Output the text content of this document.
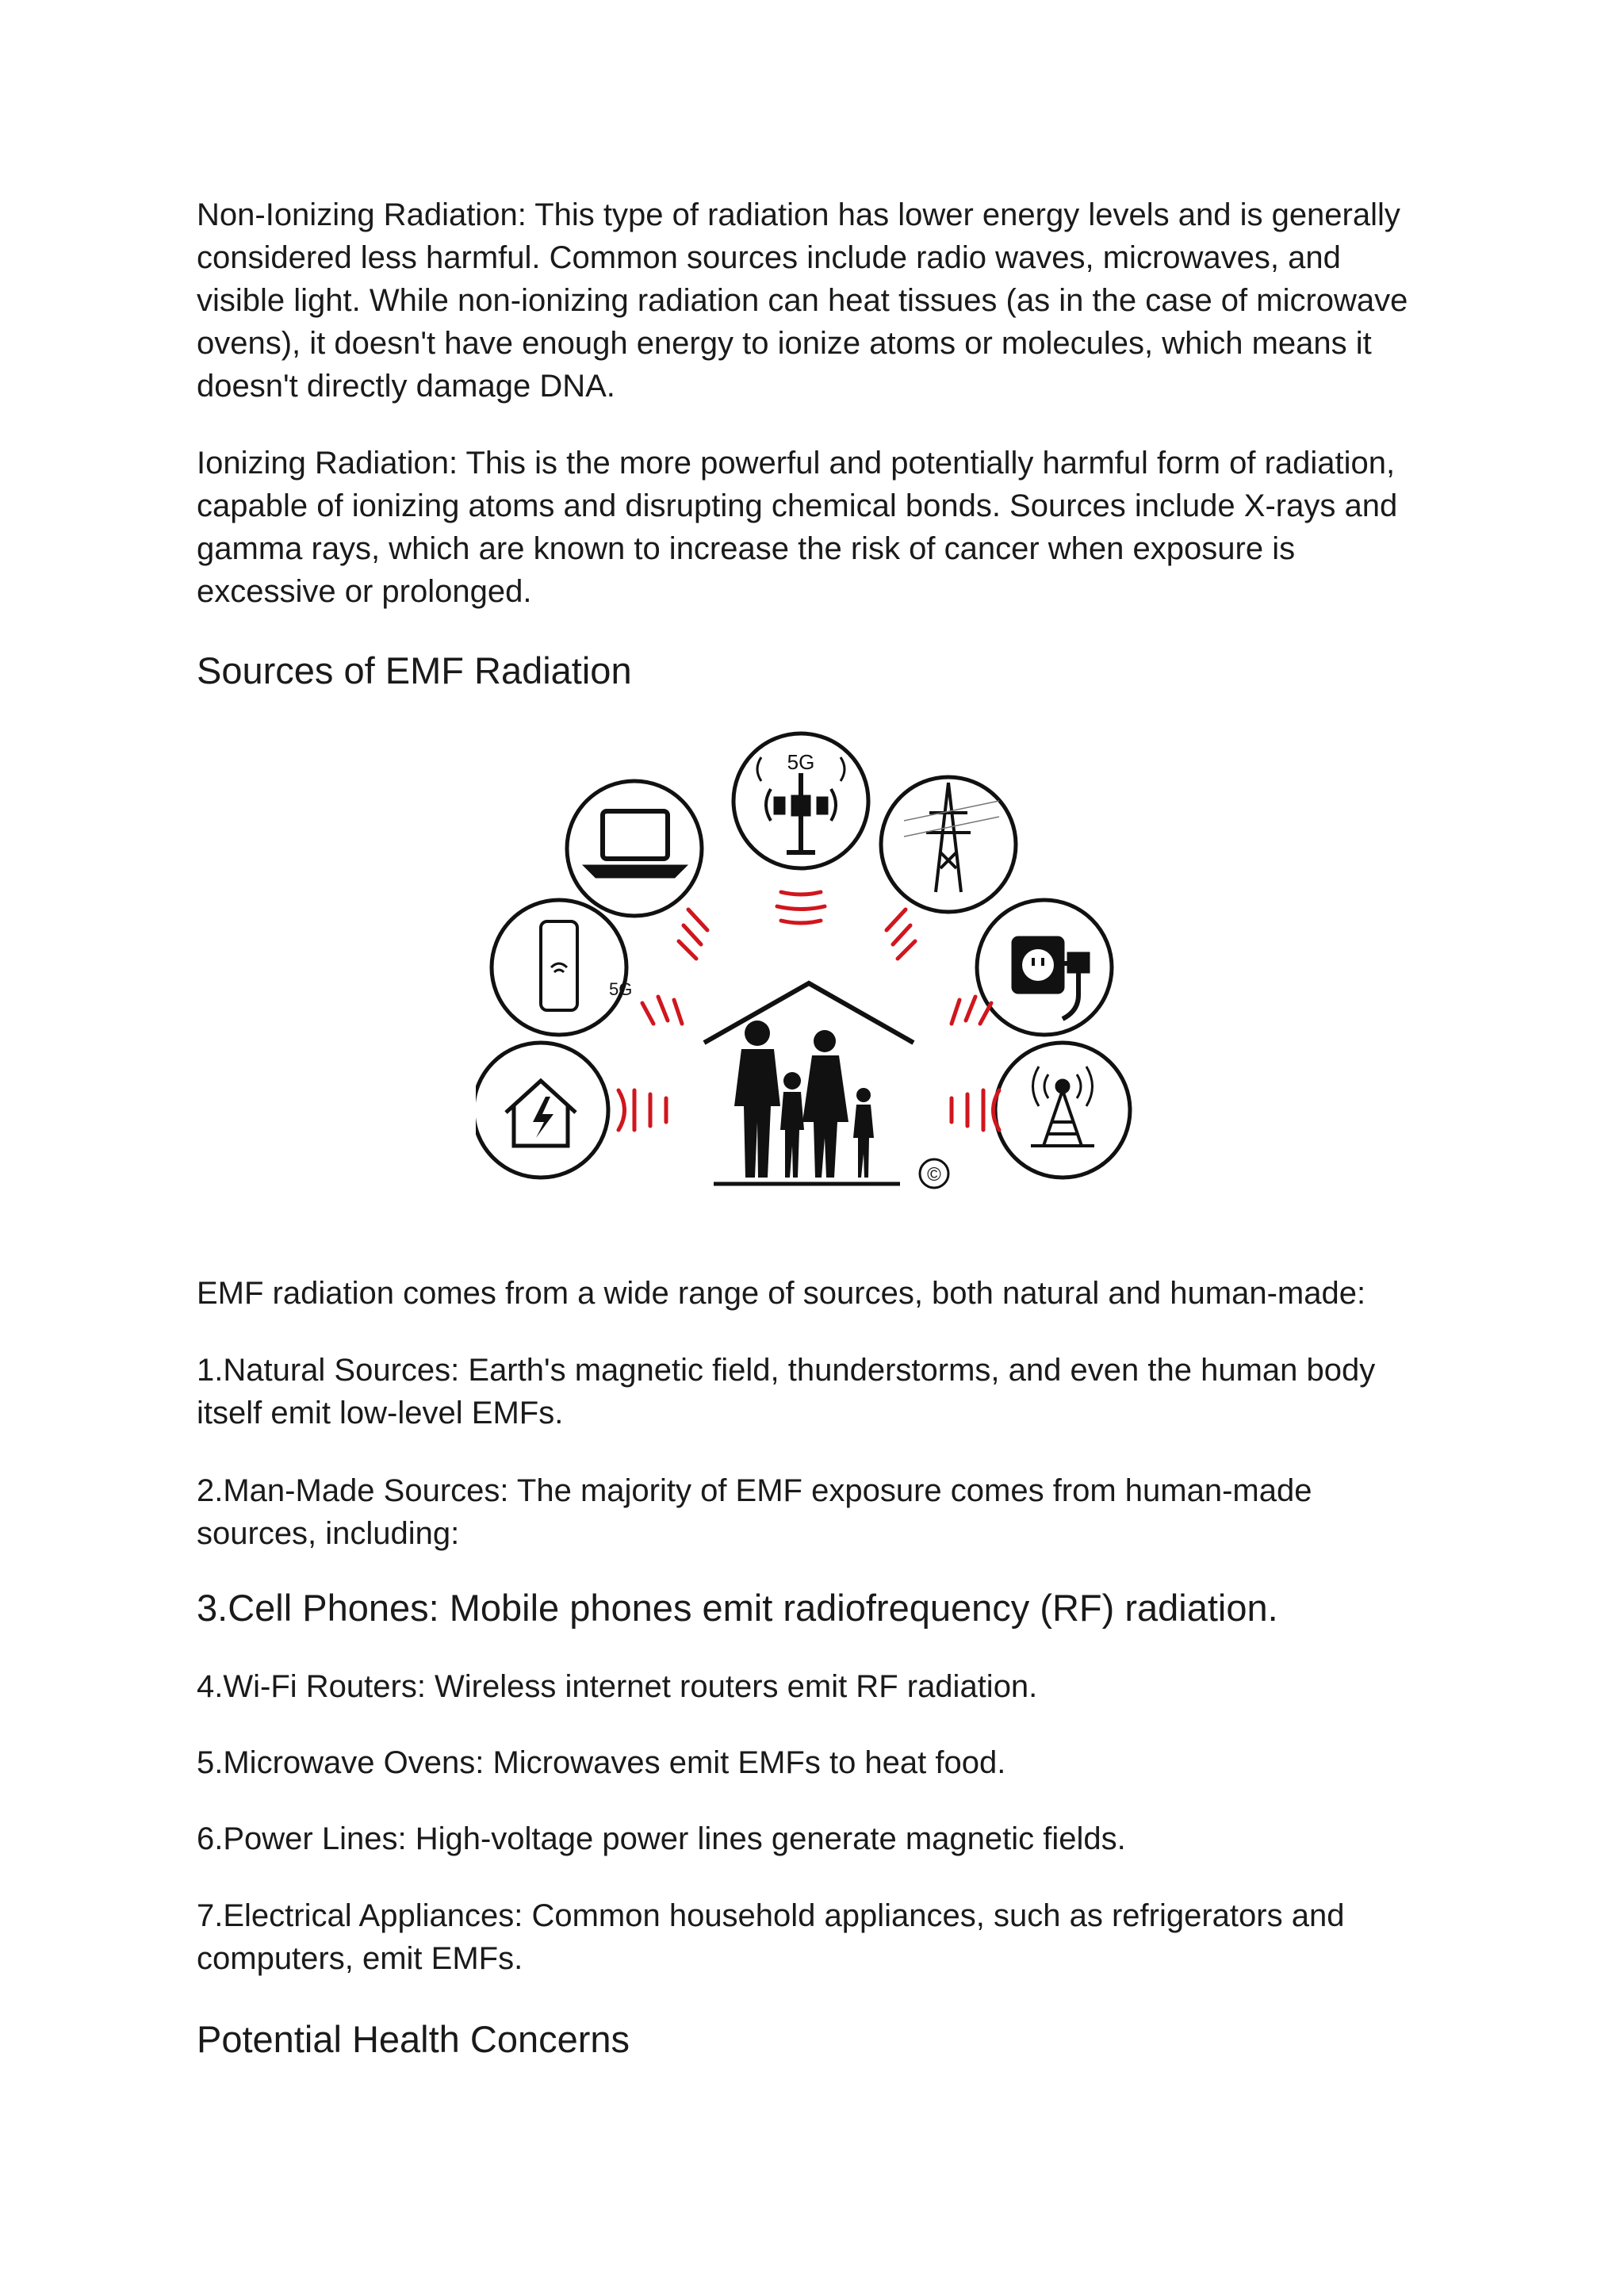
Non-Ionizing Radiation: This type of radiation has lower energy levels and is generally considered less harmful. Common sources include radio waves, microwaves, and visible light. While non-ionizing radiation can heat tissues (as in the case of microwave ovens), it doesn't have enough energy to ionize atoms or molecules, which means it doesn't directly damage DNA.

Ionizing Radiation: This is the more powerful and potentially harmful form of radiation, capable of ionizing atoms and disrupting chemical bonds. Sources include X-rays and gamma rays, which are known to increase the risk of cancer when exposure is excessive or prolonged.

Sources of EMF Radiation
5G
5G
©

EMF radiation comes from a wide range of sources, both natural and human-made:

1.Natural Sources: Earth's magnetic field, thunderstorms, and even the human body itself emit low-level EMFs.

2.Man-Made Sources: The majority of EMF exposure comes from human-made sources, including:

3.Cell Phones: Mobile phones emit radiofrequency (RF) radiation.

4.Wi-Fi Routers: Wireless internet routers emit RF radiation.

5.Microwave Ovens: Microwaves emit EMFs to heat food.

6.Power Lines: High-voltage power lines generate magnetic fields.

7.Electrical Appliances: Common household appliances, such as refrigerators and computers, emit EMFs.

Potential Health Concerns
